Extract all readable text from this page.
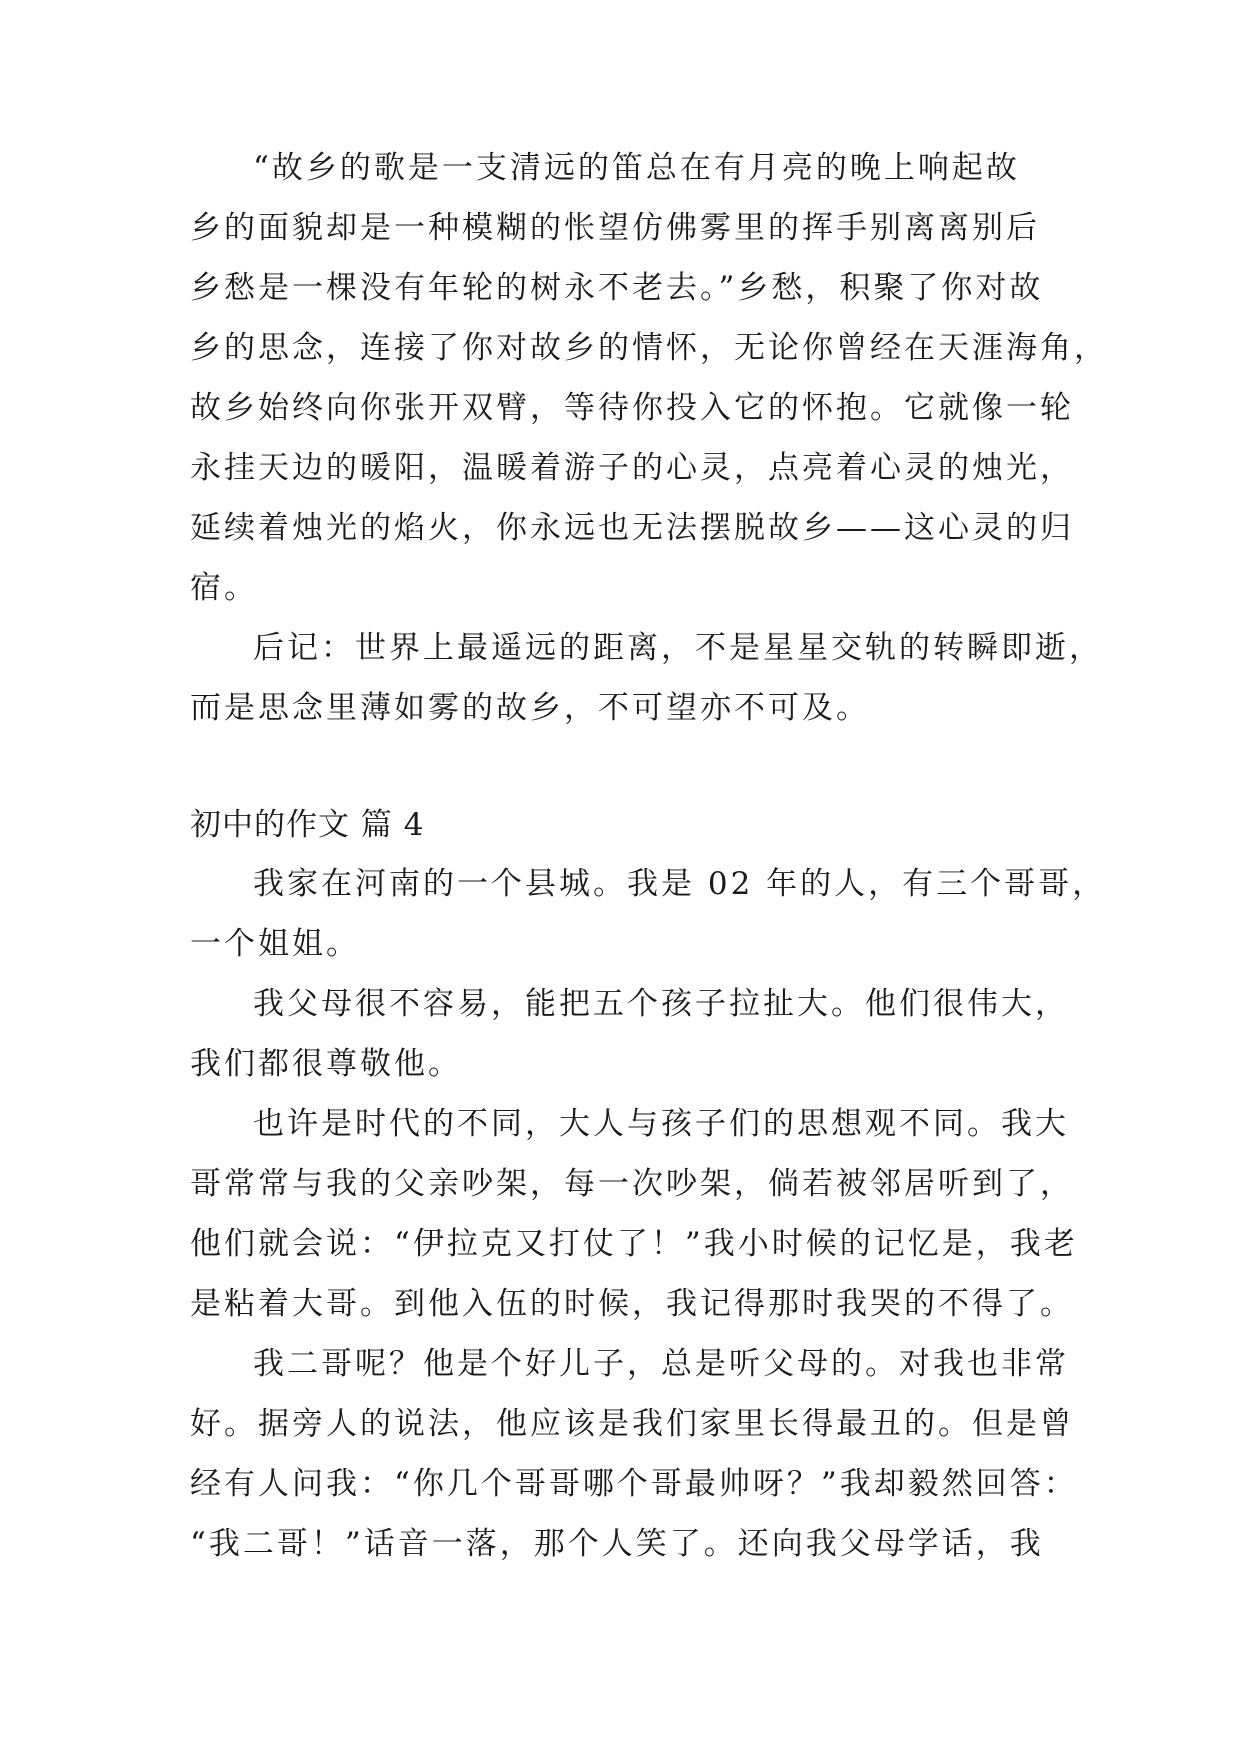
“故乡的歌是一支清远的笛总在有月亮的晚上响起故
乡的面貌却是一种模糊的怅望仿佛雾里的挥手别离离别后
乡愁是一棵没有年轮的树永不老去。”乡愁，积聚了你对故
乡的思念，连接了你对故乡的情怀，无论你曾经在天涯海角，
故乡始终向你张开双臂，等待你投入它的怀抱。它就像一轮
永挂天边的暖阳，温暖着游子的心灵，点亮着心灵的烛光，
延续着烛光的焰火，你永远也无法摆脱故乡——这心灵的归
宿。
后记：世界上最遥远的距离，不是星星交轨的转瞬即逝，
而是思念里薄如雾的故乡，不可望亦不可及。
初中的作文 篇 4
我家在河南的一个县城。我是 02 年的人，有三个哥哥，
一个姐姐。
我父母很不容易，能把五个孩子拉扯大。他们很伟大，
我们都很尊敬他。
也许是时代的不同，大人与孩子们的思想观不同。我大
哥常常与我的父亲吵架，每一次吵架，倘若被邻居听到了，
他们就会说：“伊拉克又打仗了！”我小时候的记忆是，我老
是粘着大哥。到他入伍的时候，我记得那时我哭的不得了。
我二哥呢？他是个好儿子，总是听父母的。对我也非常
好。据旁人的说法，他应该是我们家里长得最丑的。但是曾
经有人问我：“你几个哥哥哪个哥最帅呀？”我却毅然回答：
“我二哥！”话音一落，那个人笑了。还向我父母学话，我
